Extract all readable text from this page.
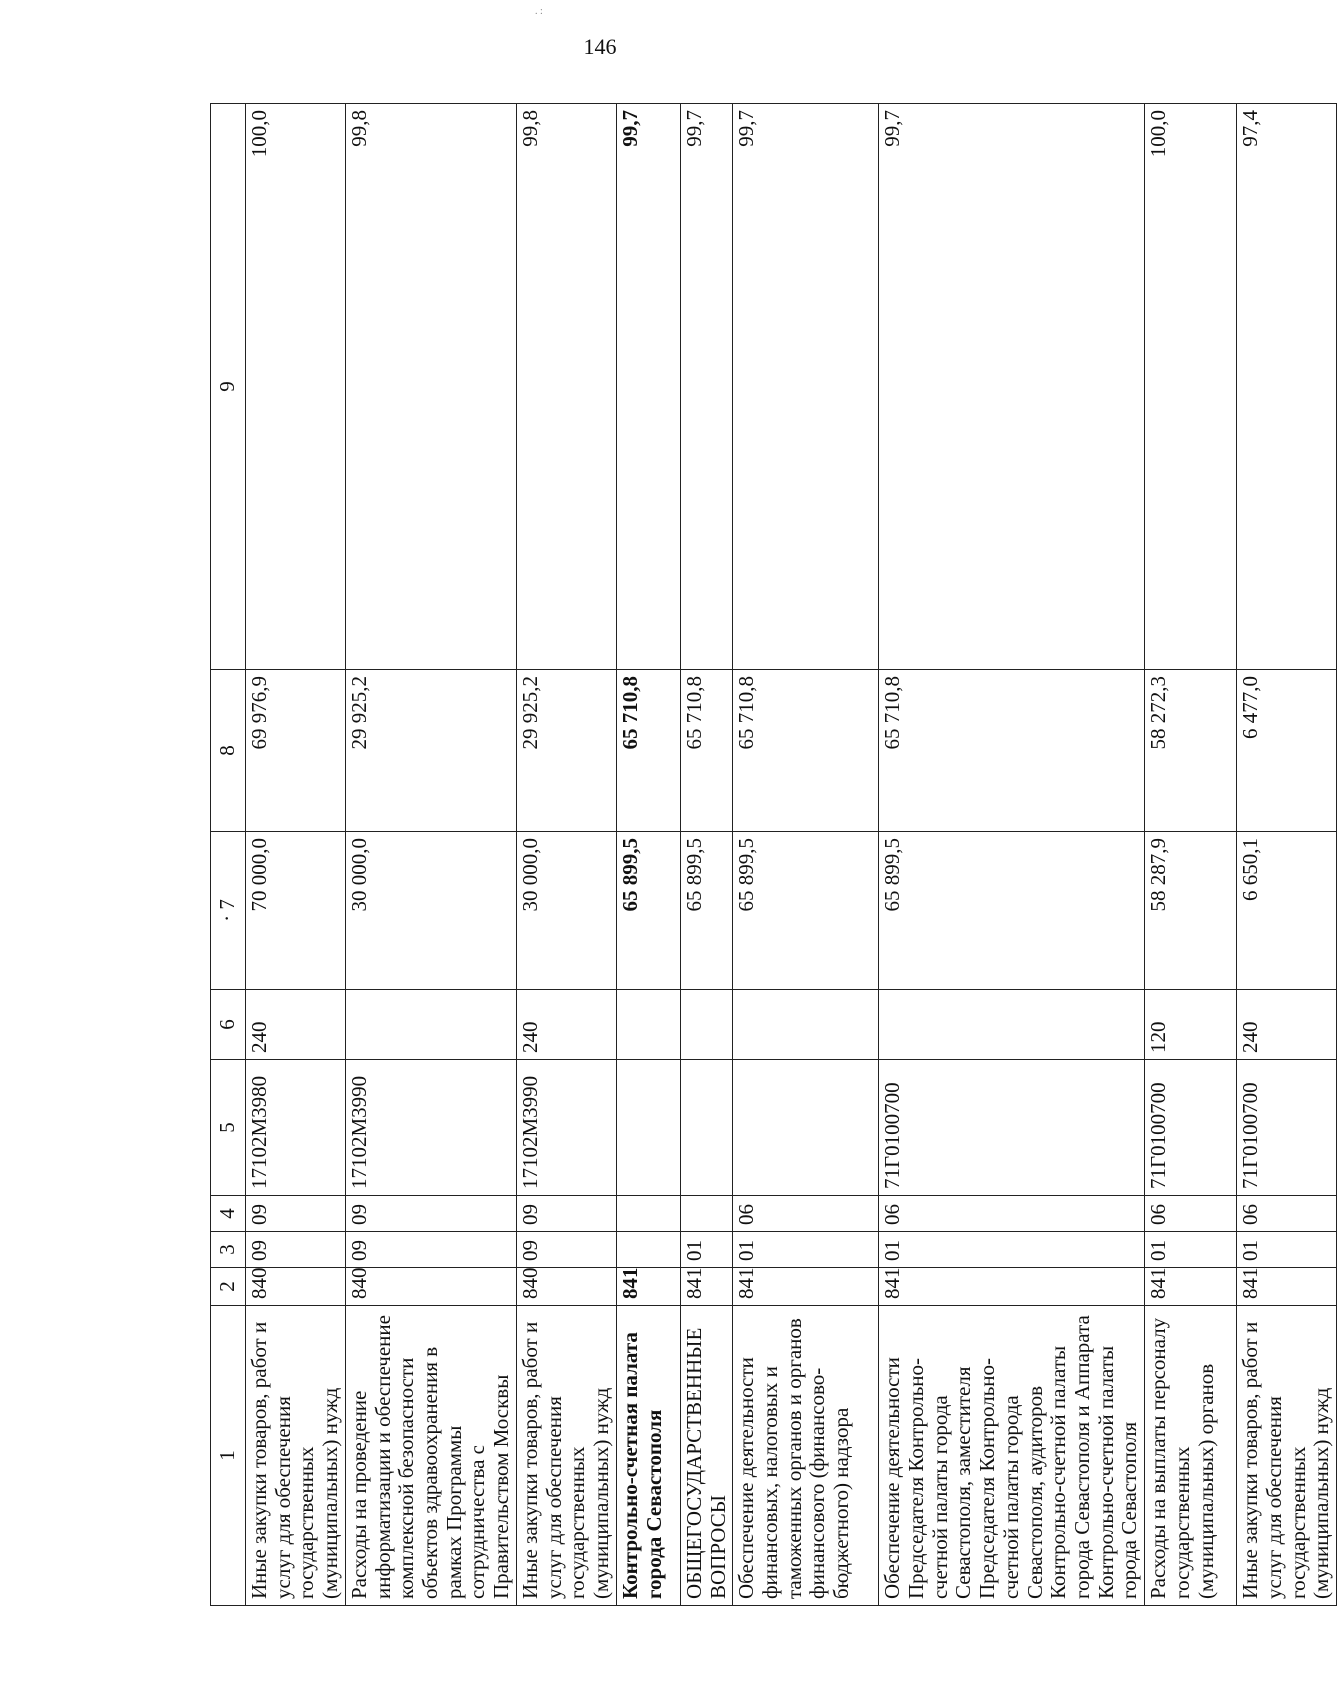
. :
146
1	2	3	4	5	6	· 7	8	9
Иные закупки товаров, работ и услуг для обеспечения государственных (муниципальных) нужд	840	09	09	17102М3980	240	70 000,0	69 976,9	100,0
Расходы на проведение информатизации и обеспечение комплексной безопасности объектов здравоохранения в рамках Программы сотрудничества с Правительством Москвы	840	09	09	17102М3990		30 000,0	29 925,2	99,8
Иные закупки товаров, работ и услуг для обеспечения государственных (муниципальных) нужд	840	09	09	17102М3990	240	30 000,0	29 925,2	99,8
Контрольно-счетная палата города Севастополя	841					65 899,5	65 710,8	99,7
ОБЩЕГОСУДАРСТВЕННЫЕ ВОПРОСЫ	841	01				65 899,5	65 710,8	99,7
Обеспечение деятельности финансовых, налоговых и таможенных органов и органов финансового (финансово-бюджетного) надзора	841	01	06			65 899,5	65 710,8	99,7
Обеспечение деятельности Председателя Контрольно-счетной палаты города Севастополя, заместителя Председателя Контрольно-счетной палаты города Севастополя, аудиторов Контрольно-счетной палаты города Севастополя и Аппарата Контрольно-счетной палаты города Севастополя	841	01	06	71Г0100700		65 899,5	65 710,8	99,7
Расходы на выплаты персоналу государственных (муниципальных) органов	841	01	06	71Г0100700	120	58 287,9	58 272,3	100,0
Иные закупки товаров, работ и услуг для обеспечения государственных (муниципальных) нужд	841	01	06	71Г0100700	240	6 650,1	6 477,0	97,4
